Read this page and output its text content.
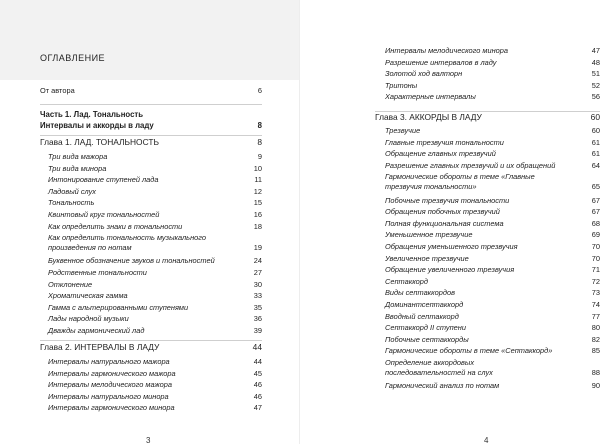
ОГЛАВЛЕНИЕ
От автора	6
Часть 1. Лад. Тональность
Интервалы и аккорды в ладу	8
Глава 1. ЛАД. ТОНАЛЬНОСТЬ	8
Три вида мажора	9
Три вида минора	10
Интонирование ступеней лада	11
Ладовый слух	12
Тональность	15
Квинтовый круг тональностей	16
Как определить знаки в тональности	18
Как определить тональность музыкального произведения по нотам	19
Буквенное обозначение звуков и тональностей	24
Родственные тональности	27
Отклонение	30
Хроматическая гамма	33
Гамма с альтерированными ступенями	35
Лады народной музыки	36
Дважды гармонический лад	39
Глава 2. ИНТЕРВАЛЫ В ЛАДУ	44
Интервалы натурального мажора	44
Интервалы гармонического мажора	45
Интервалы мелодического мажора	46
Интервалы натурального минора	46
Интервалы гармонического минора	47
3
Интервалы мелодического минора	47
Разрешение интервалов в ладу	48
Золотой ход валторн	51
Тритоны	52
Характерные интервалы	56
Глава 3. АККОРДЫ В ЛАДУ	60
Трезвучие	60
Главные трезвучия тональности	61
Обращение главных трезвучий	61
Разрешение главных трезвучий и их обращений	64
Гармонические обороты в теме «Главные трезвучия тональности»	65
Побочные трезвучия тональности	67
Обращения побочных трезвучий	67
Полная функциональная система	68
Уменьшенное трезвучие	69
Обращения уменьшенного трезвучия	70
Увеличенное трезвучие	70
Обращение увеличенного трезвучия	71
Септаккорд	72
Виды септаккордов	73
Доминантсептаккорд	74
Вводный септаккорд	77
Септаккорд II ступени	80
Побочные септаккорды	82
Гармонические обороты в теме «Септаккорд»	85
Определение аккордовых последовательностей на слух	88
Гармонический анализ по нотам	90
4
